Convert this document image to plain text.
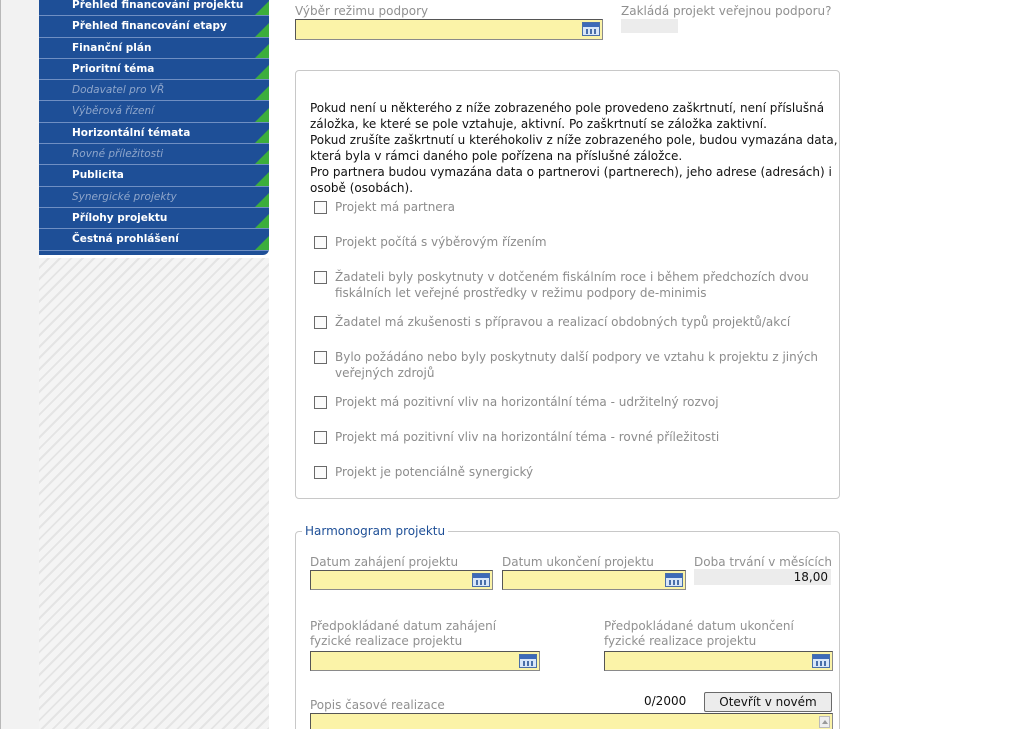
Přehled financování projektu
Přehled financování etapy
Finanční plán
Prioritní téma
Dodavatel pro VŘ
Výběrová řízení
Horizontální témata
Rovné příležitosti
Publicita
Synergické projekty
Přílohy projektu
Čestná prohlášení
Výběr režimu podpory	Zakládá projekt veřejnou podporu?
Pokud není u některého z níže zobrazeného pole provedeno zaškrtnutí, není příslušná záložka, ke které se pole vztahuje, aktivní. Po zaškrtnutí se záložka zaktivní.
Pokud zrušíte zaškrtnutí u kteréhokoliv z níže zobrazeného pole, budou vymazána data, která byla v rámci daného pole pořízena na příslušné záložce.
Pro partnera budou vymazána data o partnerovi (partnerech), jeho adrese (adresách) i osobě (osobách).
Projekt má partnera
Projekt počítá s výběrovým řízením
Žadateli byly poskytnuty v dotčeném fiskálním roce i během předchozích dvou fiskálních let veřejné prostředky v režimu podpory de-minimis
Žadatel má zkušenosti s přípravou a realizací obdobných typů projektů/akcí
Bylo požádáno nebo byly poskytnuty další podpory ve vztahu k projektu z jiných veřejných zdrojů
Projekt má pozitivní vliv na horizontální téma - udržitelný rozvoj
Projekt má pozitivní vliv na horizontální téma - rovné příležitosti
Projekt je potenciálně synergický
Harmonogram projektu
Datum zahájení projektu	Datum ukončení projektu	Doba trvání v měsících
18,00
Předpokládané datum zahájení fyzické realizace projektu
Předpokládané datum ukončení fyzické realizace projektu
Popis časové realizace	0/2000	Otevřít v novém
